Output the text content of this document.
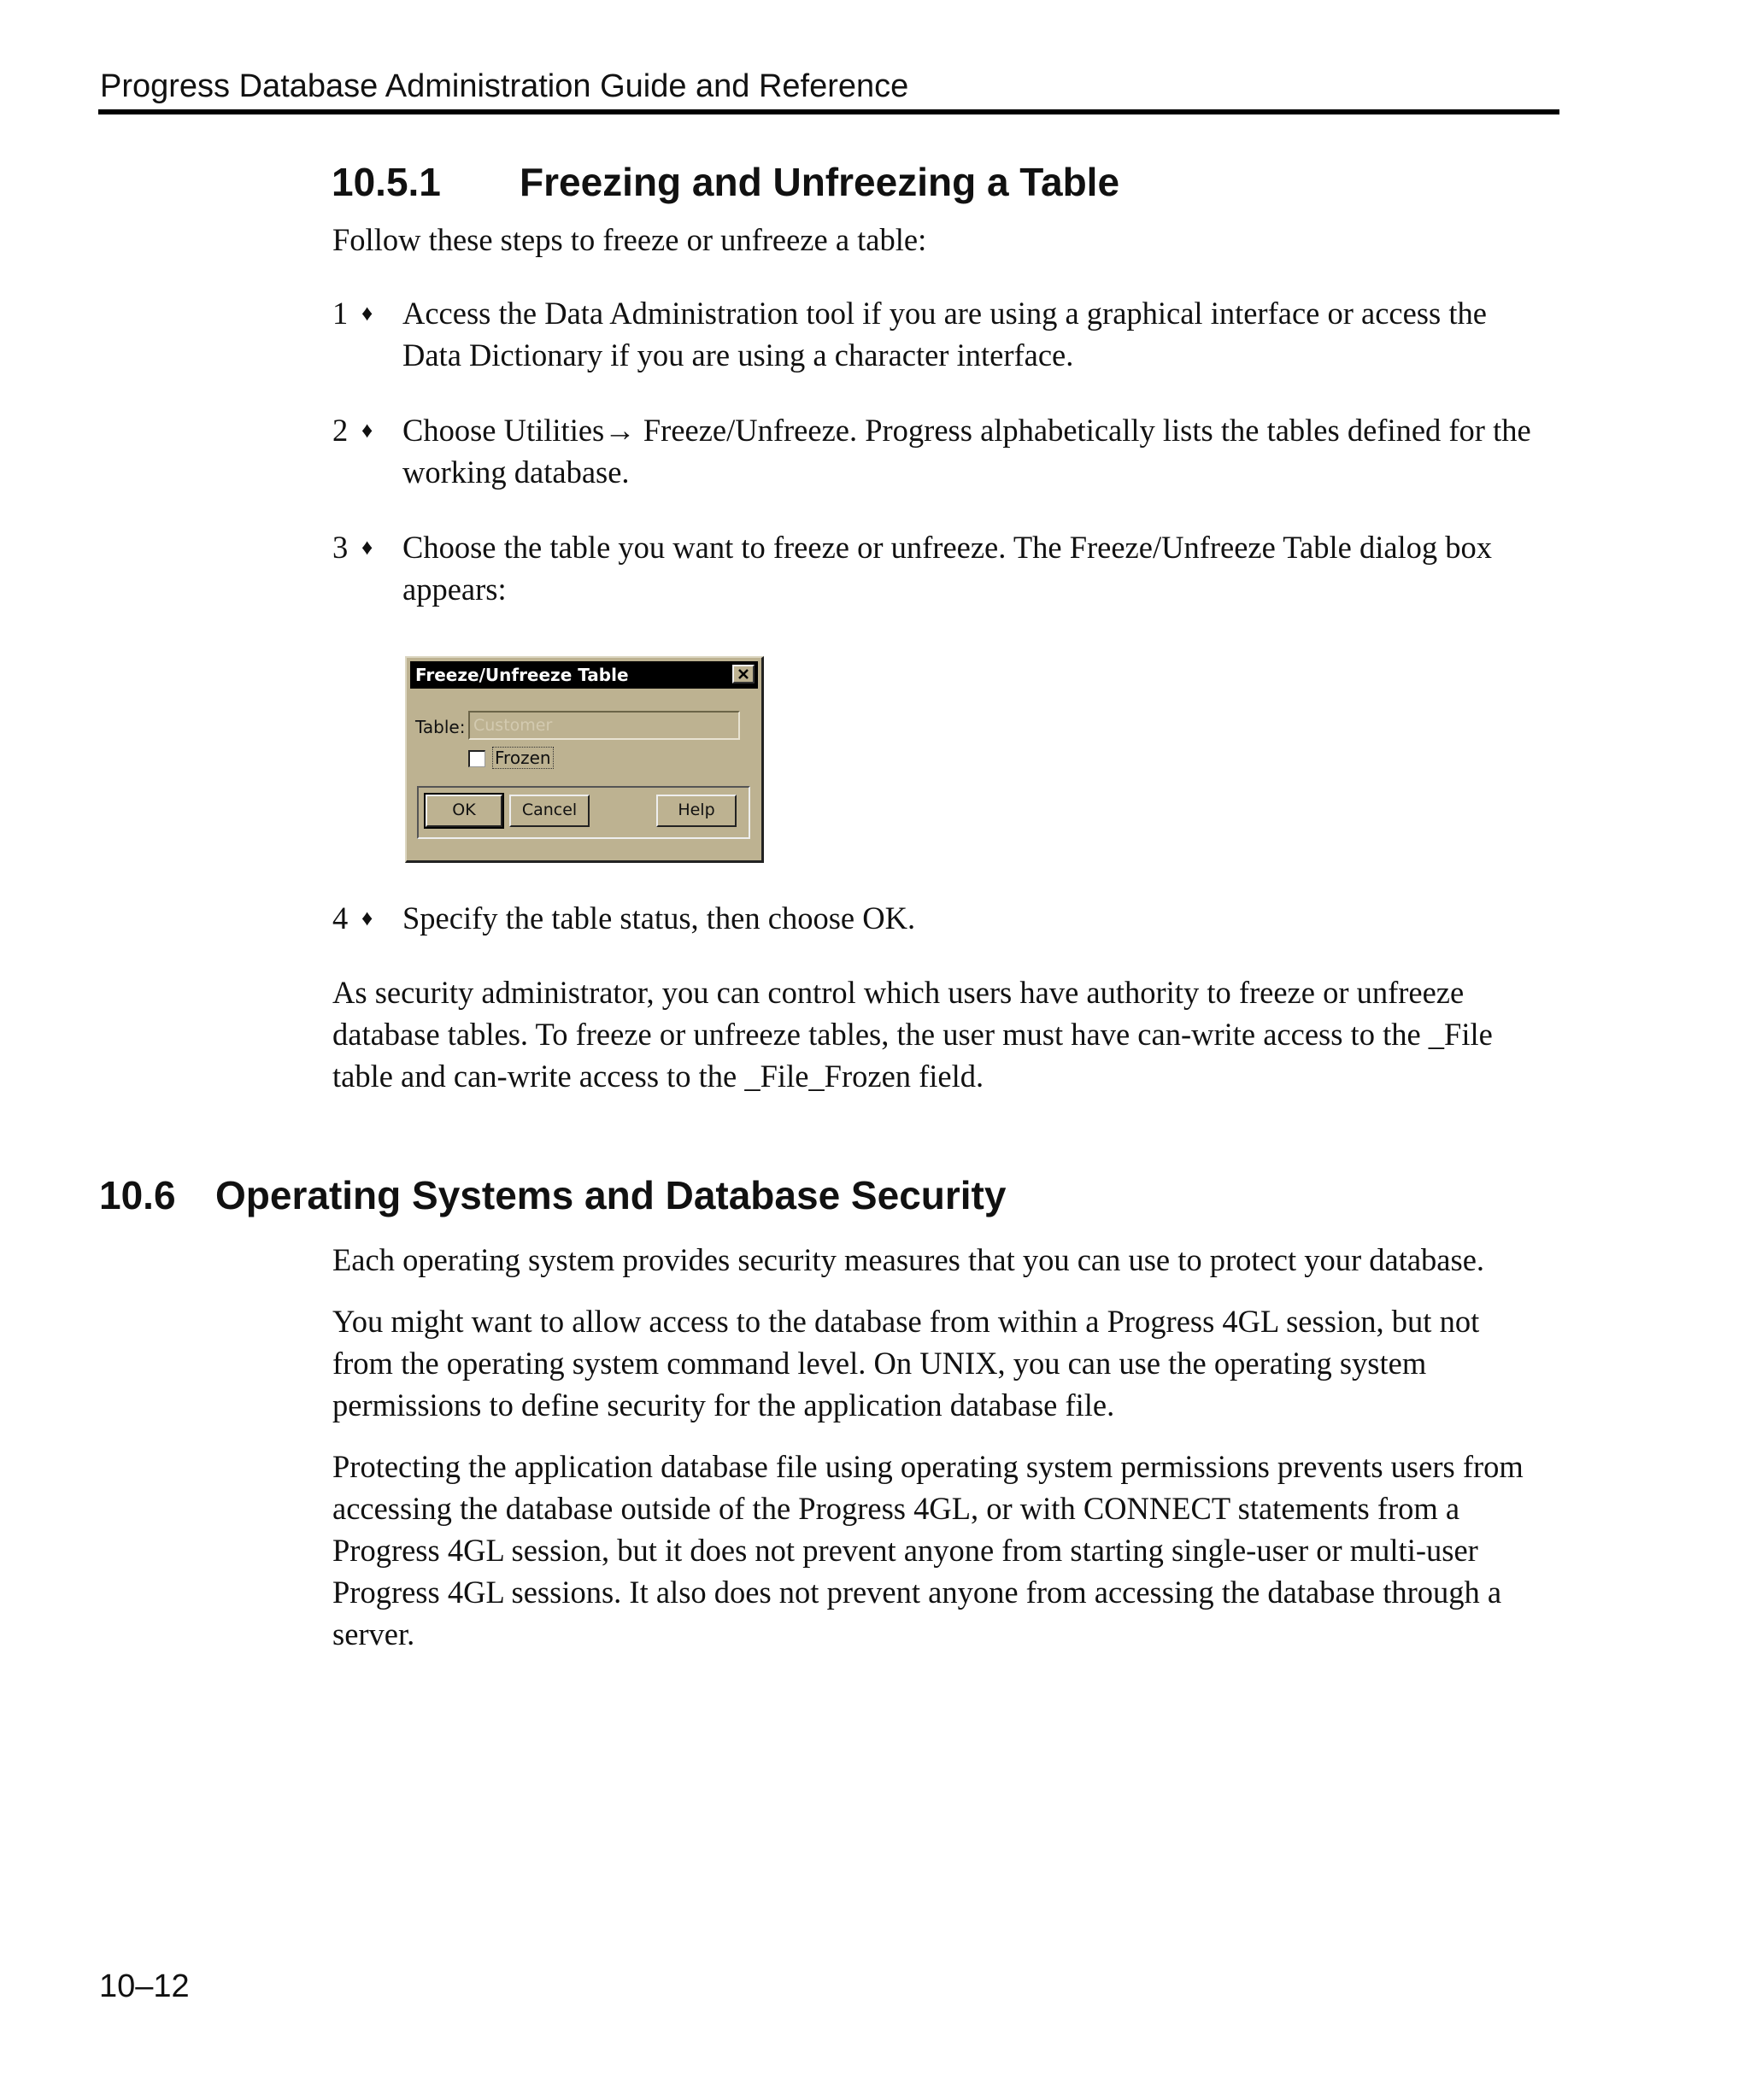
Progress Database Administration Guide and Reference
10.5.1 Freezing and Unfreezing a Table

Follow these steps to freeze or unfreeze a table:

1 ♦ Access the Data Administration tool if you are using a graphical interface or access the
Data Dictionary if you are using a character interface.
2 ♦ Choose Utilities→ Freeze/Unfreeze. Progress alphabetically lists the tables defined for the
working database.
3 ♦ Choose the table you want to freeze or unfreeze. The Freeze/Unfreeze Table dialog box
appears:
Freeze/Unfreeze Table
Table:
Customer
Frozen
OK	Cancel	Help
4 ♦ Specify the table status, then choose OK.
As security administrator, you can control which users have authority to freeze or unfreeze
database tables. To freeze or unfreeze tables, the user must have can-write access to the _File
table and can-write access to the _File_Frozen field.
10.6 Operating Systems and Database Security
Each operating system provides security measures that you can use to protect your database.
You might want to allow access to the database from within a Progress 4GL session, but not
from the operating system command level. On UNIX, you can use the operating system
permissions to define security for the application database file.
Protecting the application database file using operating system permissions prevents users from
accessing the database outside of the Progress 4GL, or with CONNECT statements from a
Progress 4GL session, but it does not prevent anyone from starting single-user or multi-user
Progress 4GL sessions. It also does not prevent anyone from accessing the database through a
server.
10–12
